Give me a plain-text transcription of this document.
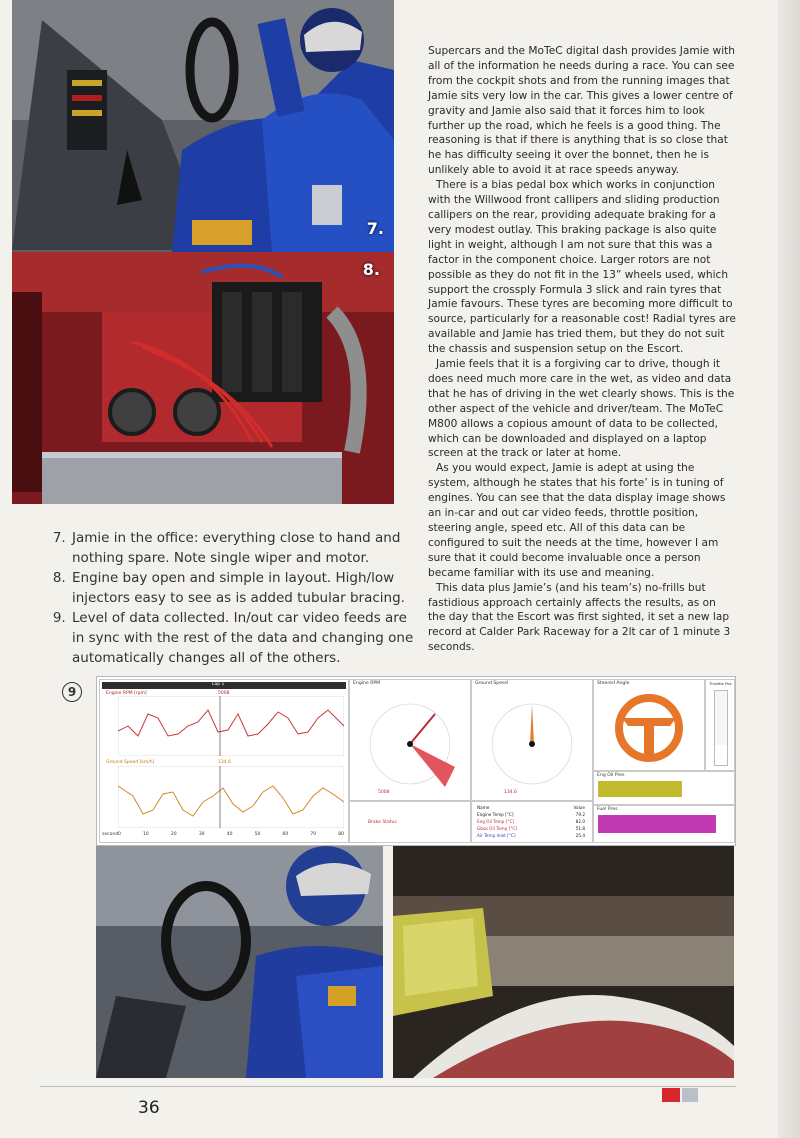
7.
8.
7. Jamie in the office: everything close to hand and nothing spare. Note single wiper and motor.
8. Engine bay open and simple in layout. High/low injectors easy to see as is added tubular bracing.
9. Level of data collected. In/out car video feeds are in sync with the rest of the data and changing one automatically changes all of the others.

Supercars and the MoTeC digital dash provides Jamie with all of the information he needs during a race. You can see from the cockpit shots and from the running images that Jamie sits very low in the car. This gives a lower centre of gravity and Jamie also said that it forces him to look further up the road, which he feels is a good thing. The reasoning is that if there is anything that is so close that he has difficulty seeing it over the bonnet, then he is unlikely able to avoid it at race speeds anyway.

There is a bias pedal box which works in conjunction with the Willwood front callipers and sliding production callipers on the rear, providing adequate braking for a very modest outlay. This braking package is also quite light in weight, although I am not sure that this was a factor in the component choice. Larger rotors are not possible as they do not fit in the 13” wheels used, which support the crossply Formula 3 slick and rain tyres that Jamie favours. These tyres are becoming more difficult to source, particularly for a reasonable cost! Radial tyres are available and Jamie has tried them, but they do not suit the chassis and suspension setup on the Escort.

Jamie feels that it is a forgiving car to drive, though it does need much more care in the wet, as video and data that he has of driving in the wet clearly shows. This is the other aspect of the vehicle and driver/team. The MoTeC M800 allows a copious amount of data to be collected, which can be downloaded and displayed on a laptop screen at the track or later at home.

As you would expect, Jamie is adept at using the system, although he states that his forte’ is in tuning of engines. You can see that the data display image shows an in-car and out car video feeds, throttle position, steering angle, speed etc. All of this data can be configured to suit the needs at the time, however I am sure that it could become invaluable once a person became familiar with its use and meaning.

This data plus Jamie’s (and his team’s) no-frills but fastidious approach certainly affects the results, as on the day that the Escort was first sighted, it set a new lap record at Calder Park Raceway for a 2lt car of 1 minute 3 seconds.

9
Lap 1
Engine RPM [rpm]	5008
Ground Speed [km/h]	134.6
second 0	10	20	30	40	50	60	70	80
Engine RPM
5008
Ground Speed
134.6
Steered Angle	Throttle Pos
Eng Oil Pres
Fuel Pres
Brake Status
Name	Value
Engine Temp [°C]	79.2
Eng Oil Temp [°C]	82.0
Gbox Oil Temp [°C]	51.8
Air Temp Inlet [°C]	25.4
36
